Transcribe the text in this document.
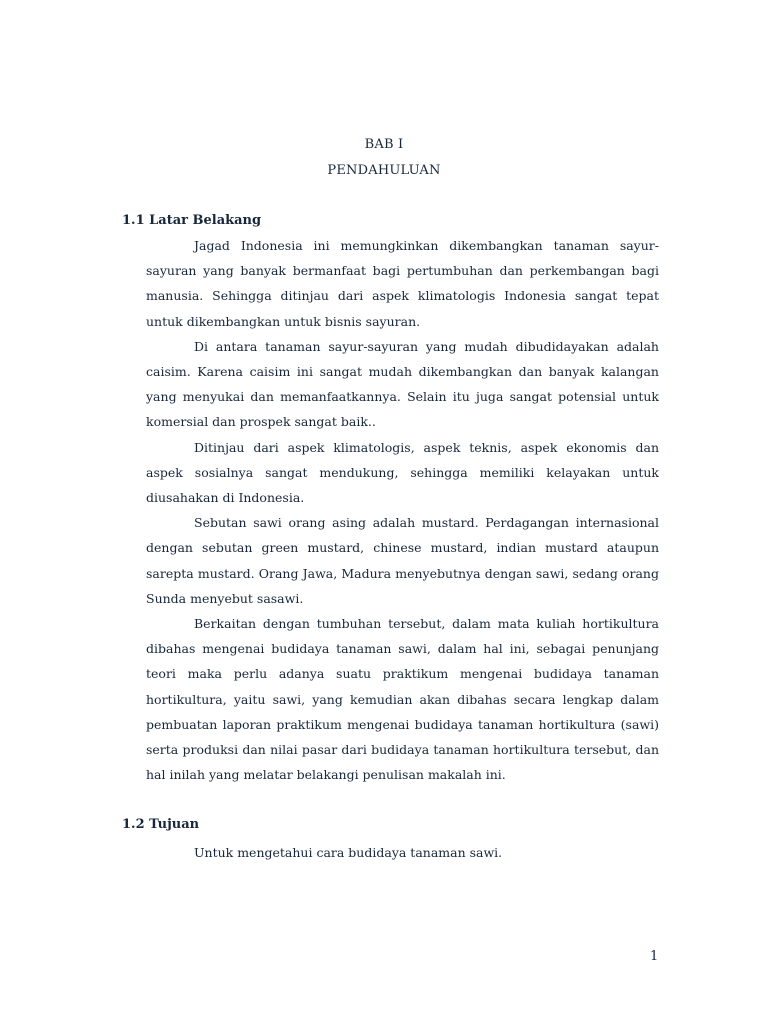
BAB I
PENDAHULUAN
1.1 Latar Belakang

Jagad Indonesia ini memungkinkan dikembangkan tanaman sayur-sayuran yang banyak bermanfaat bagi pertumbuhan dan perkembangan bagi manusia. Sehingga ditinjau dari aspek klimatologis Indonesia sangat tepat untuk dikembangkan untuk bisnis sayuran.

Di antara tanaman sayur-sayuran yang mudah dibudidayakan adalah caisim. Karena caisim ini sangat mudah dikembangkan dan banyak kalangan yang menyukai dan memanfaatkannya. Selain itu juga sangat potensial untuk komersial dan prospek sangat baik..

Ditinjau dari aspek klimatologis, aspek teknis, aspek ekonomis dan aspek sosialnya sangat mendukung, sehingga memiliki kelayakan untuk diusahakan di Indonesia.

Sebutan sawi orang asing adalah mustard. Perdagangan internasional dengan sebutan green mustard, chinese mustard, indian mustard ataupun sarepta mustard. Orang Jawa, Madura menyebutnya dengan sawi, sedang orang Sunda menyebut sasawi.

Berkaitan dengan tumbuhan tersebut, dalam mata kuliah hortikultura dibahas mengenai budidaya tanaman sawi, dalam hal ini, sebagai penunjang teori maka perlu adanya suatu praktikum mengenai budidaya tanaman hortikultura, yaitu sawi, yang kemudian akan dibahas secara lengkap dalam pembuatan laporan praktikum mengenai budidaya tanaman hortikultura (sawi) serta produksi dan nilai pasar dari budidaya tanaman hortikultura tersebut, dan hal inilah yang melatar belakangi penulisan makalah ini.

1.2 Tujuan

Untuk mengetahui cara budidaya tanaman sawi.

1
